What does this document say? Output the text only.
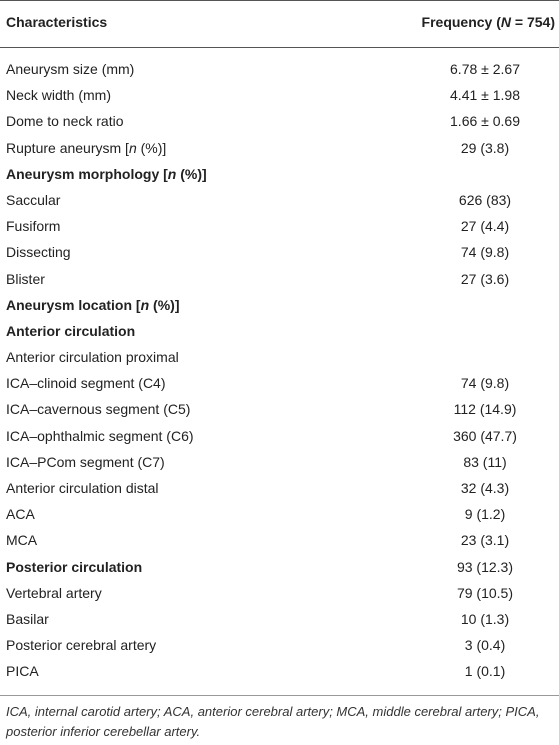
Characteristics	Frequency (N = 754)
Aneurysm size (mm)	6.78 ± 2.67
Neck width (mm)	4.41 ± 1.98
Dome to neck ratio	1.66 ± 0.69
Rupture aneurysm [n (%)]	29 (3.8)
Aneurysm morphology [n (%)]
Saccular	626 (83)
Fusiform	27 (4.4)
Dissecting	74 (9.8)
Blister	27 (3.6)
Aneurysm location [n (%)]
Anterior circulation
Anterior circulation proximal
ICA–clinoid segment (C4)	74 (9.8)
ICA–cavernous segment (C5)	112 (14.9)
ICA–ophthalmic segment (C6)	360 (47.7)
ICA–PCom segment (C7)	83 (11)
Anterior circulation distal	32 (4.3)
ACA	9 (1.2)
MCA	23 (3.1)
Posterior circulation	93 (12.3)
Vertebral artery	79 (10.5)
Basilar	10 (1.3)
Posterior cerebral artery	3 (0.4)
PICA	1 (0.1)
ICA, internal carotid artery; ACA, anterior cerebral artery; MCA, middle cerebral artery; PICA, posterior inferior cerebellar artery.
